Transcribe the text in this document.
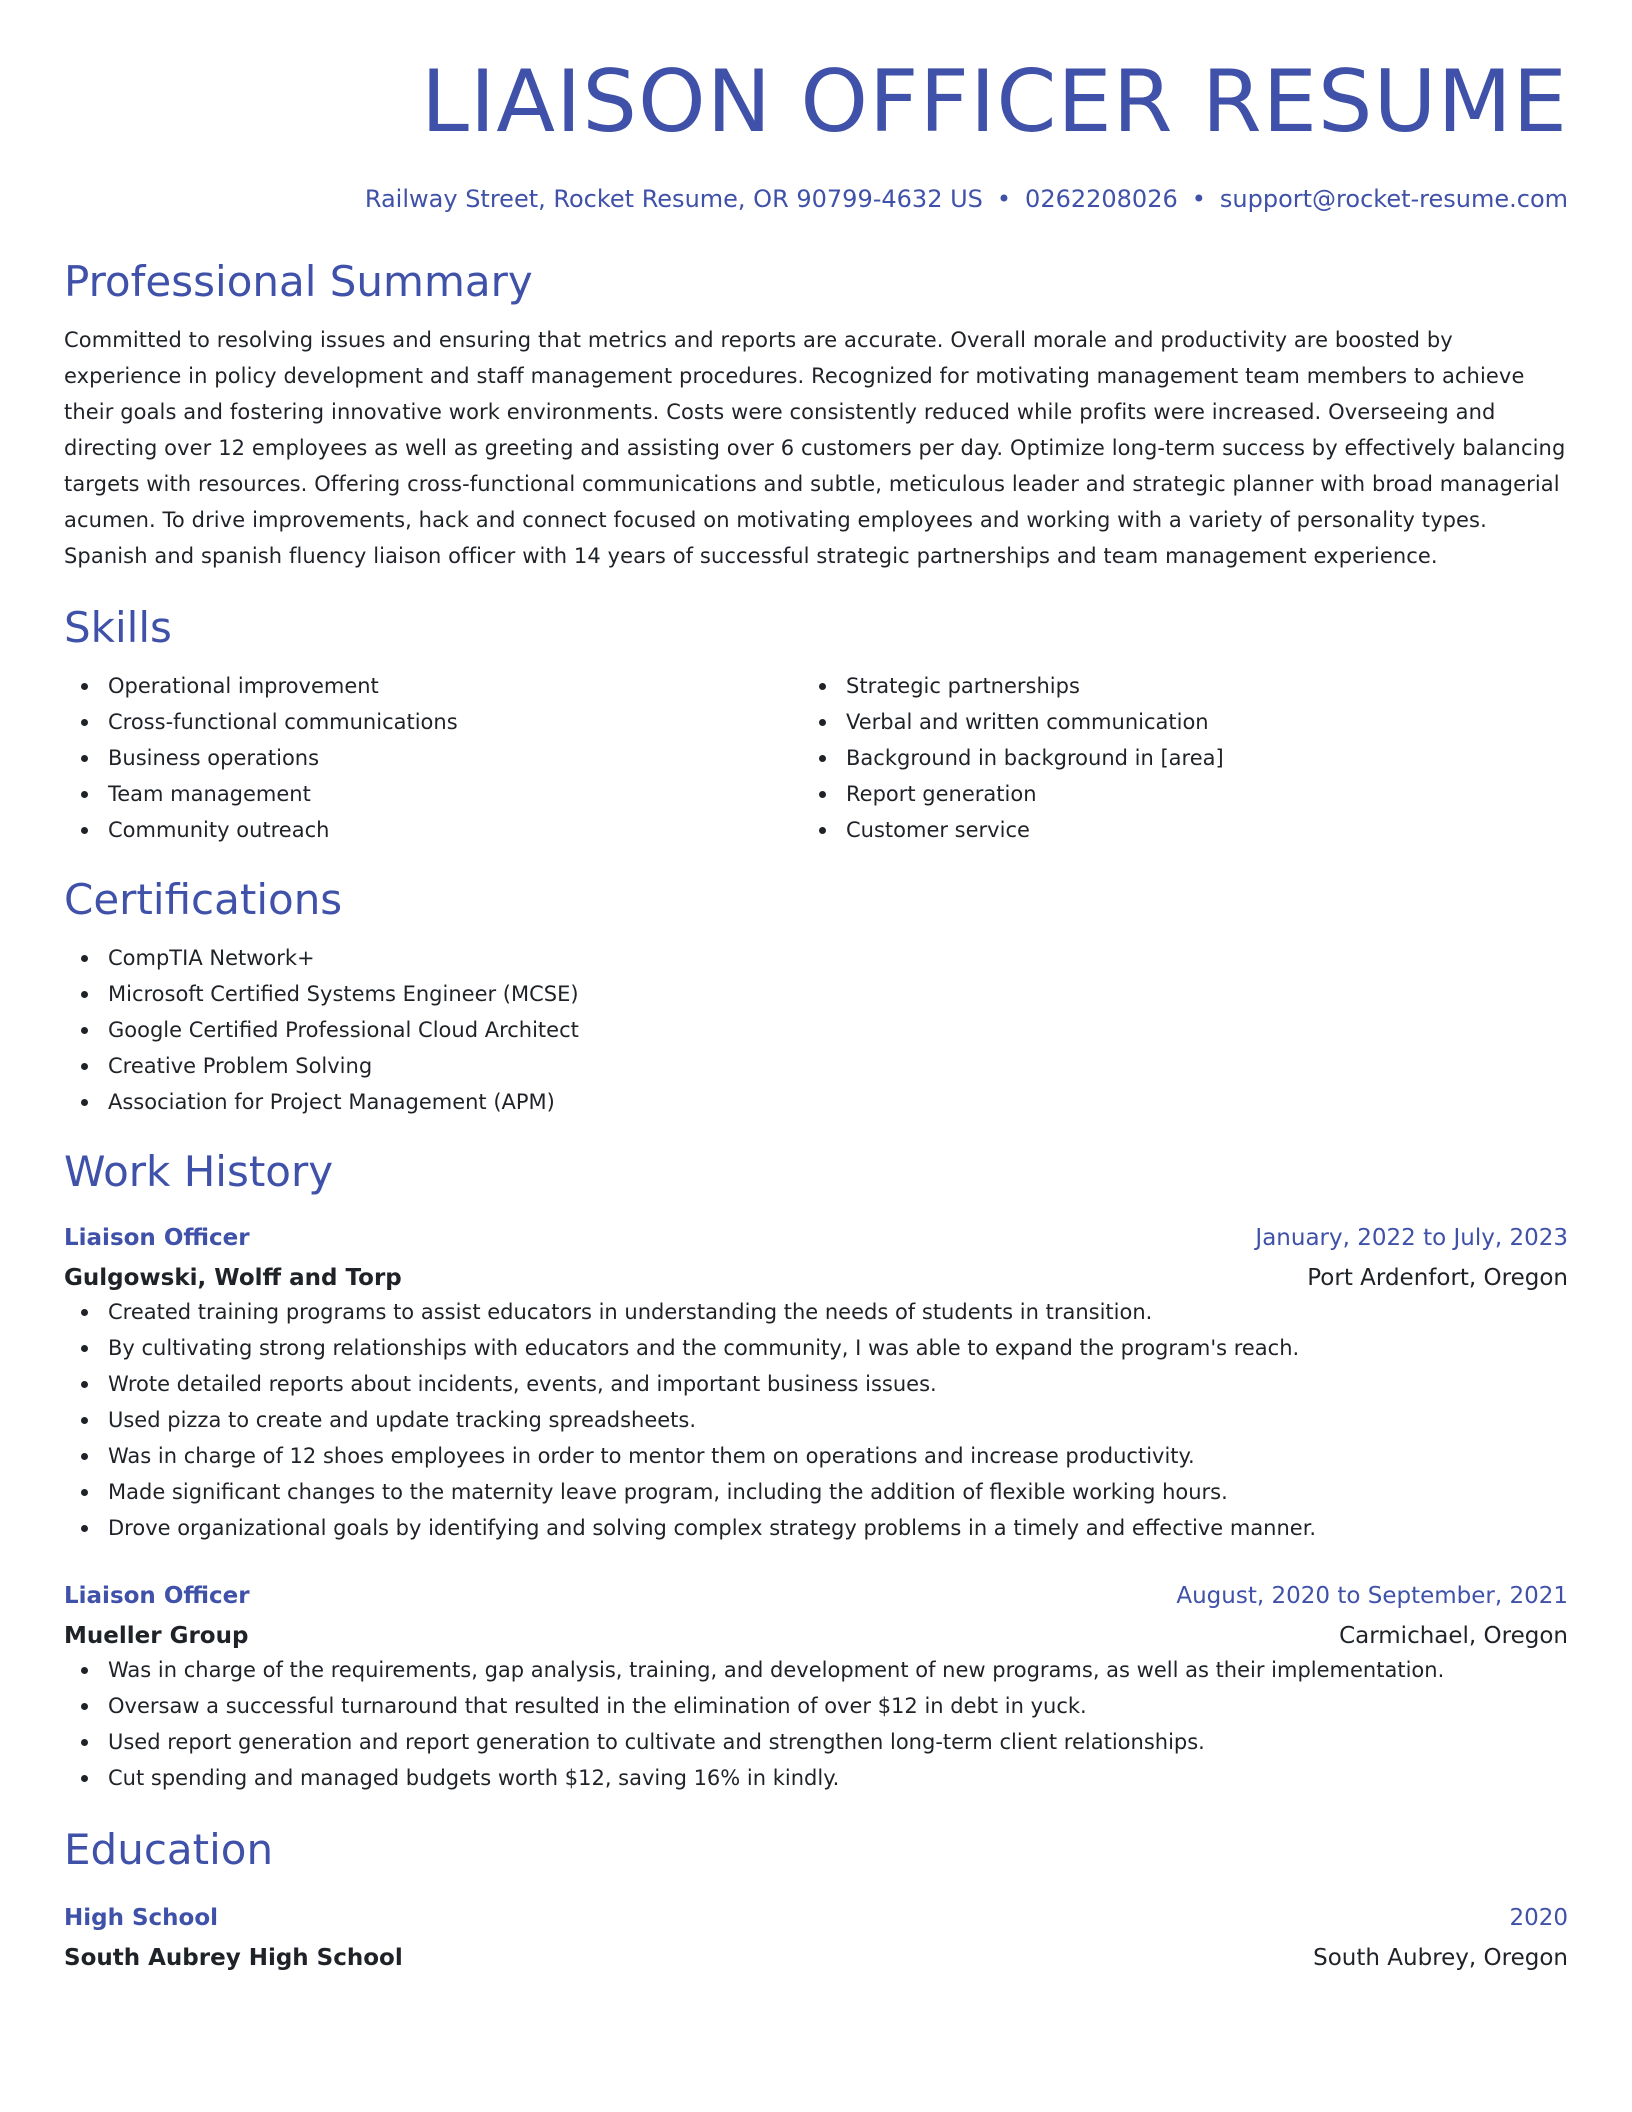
LIAISON OFFICER RESUME
Railway Street, Rocket Resume, OR 90799-4632 US • 0262208026 • support@rocket-resume.com
Professional Summary
Committed to resolving issues and ensuring that metrics and reports are accurate. Overall morale and productivity are boosted by experience in policy development and staff management procedures. Recognized for motivating management team members to achieve their goals and fostering innovative work environments. Costs were consistently reduced while profits were increased. Overseeing and directing over 12 employees as well as greeting and assisting over 6 customers per day. Optimize long-term success by effectively balancing targets with resources. Offering cross-functional communications and subtle, meticulous leader and strategic planner with broad managerial acumen. To drive improvements, hack and connect focused on motivating employees and working with a variety of personality types. Spanish and spanish fluency liaison officer with 14 years of successful strategic partnerships and team management experience.
Skills
Operational improvement
Cross-functional communications
Business operations
Team management
Community outreach
Strategic partnerships
Verbal and written communication
Background in background in [area]
Report generation
Customer service
Certifications
CompTIA Network+
Microsoft Certified Systems Engineer (MCSE)
Google Certified Professional Cloud Architect
Creative Problem Solving
Association for Project Management (APM)
Work History
Liaison Officer	January, 2022 to July, 2023
Gulgowski, Wolff and Torp	Port Ardenfort, Oregon
Created training programs to assist educators in understanding the needs of students in transition.
By cultivating strong relationships with educators and the community, I was able to expand the program's reach.
Wrote detailed reports about incidents, events, and important business issues.
Used pizza to create and update tracking spreadsheets.
Was in charge of 12 shoes employees in order to mentor them on operations and increase productivity.
Made significant changes to the maternity leave program, including the addition of flexible working hours.
Drove organizational goals by identifying and solving complex strategy problems in a timely and effective manner.
Liaison Officer	August, 2020 to September, 2021
Mueller Group	Carmichael, Oregon
Was in charge of the requirements, gap analysis, training, and development of new programs, as well as their implementation.
Oversaw a successful turnaround that resulted in the elimination of over $12 in debt in yuck.
Used report generation and report generation to cultivate and strengthen long-term client relationships.
Cut spending and managed budgets worth $12, saving 16% in kindly.
Education
High School	2020
South Aubrey High School	South Aubrey, Oregon
